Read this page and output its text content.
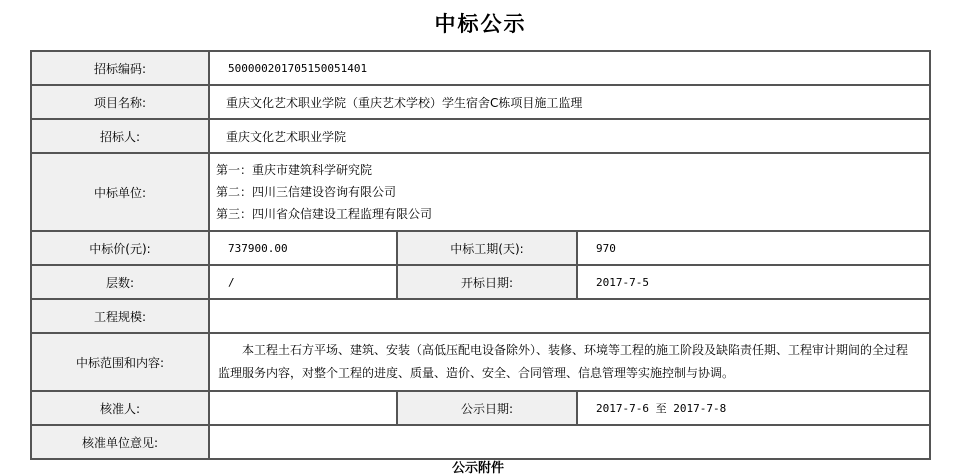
中标公示
招标编码:	500000201705150051401		
项目名称:	重庆文化艺术职业学院（重庆艺术学校）学生宿舍C栋项目施工监理		
招标人:	重庆文化艺术职业学院		
中标单位:	第一：重庆市建筑科学研究院
第二：四川三信建设咨询有限公司
第三：四川省众信建设工程监理有限公司		

中标价(元):	737900.00	中标工期(天):	970
层数:	/	开标日期:	2017-7-5
工程规模:			
中标范围和内容:	本工程土石方平场、建筑、安装（高低压配电设备除外）、装修、环境等工程的施工阶段及缺陷责任期、工程审计期间的全过程监理服务内容，对整个工程的进度、质量、造价、安全、合同管理、信息管理等实施控制与协调。		
核准人:		公示日期:	2017-7-6 至 2017-7-8
核准单位意见:			
公示附件
